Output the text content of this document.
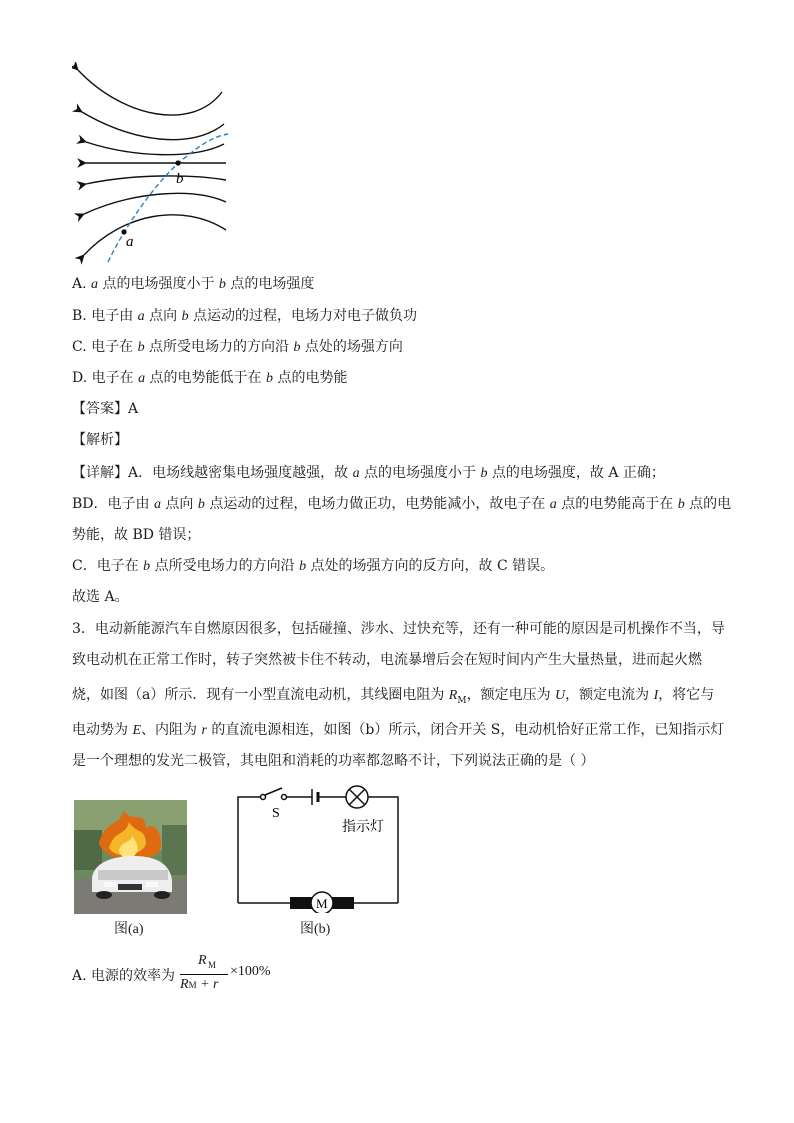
b
a
A. a 点的电场强度小于 b 点的电场强度
B. 电子由 a 点向 b 点运动的过程，电场力对电子做负功
C. 电子在 b 点所受电场力的方向沿 b 点处的场强方向
D. 电子在 a 点的电势能低于在 b 点的电势能
【答案】A
【解析】
【详解】A．电场线越密集电场强度越强，故 a 点的电场强度小于 b 点的电场强度，故 A 正确；
BD．电子由 a 点向 b 点运动的过程，电场力做正功，电势能减小，故电子在 a 点的电势能高于在 b 点的电
势能，故 BD 错误；
C．电子在 b 点所受电场力的方向沿 b 点处的场强方向的反方向，故 C 错误。
故选 A。
3．电动新能源汽车自燃原因很多，包括碰撞、涉水、过快充等，还有一种可能的原因是司机操作不当，导
致电动机在正常工作时，转子突然被卡住不转动，电流暴增后会在短时间内产生大量热量，进而起火燃
烧，如图（a）所示．现有一小型直流电动机，其线圈电阻为 $R_M$，额定电压为 U，额定电流为 I，将它与
电动势为 E、内阻为 r 的直流电源相连，如图（b）所示，闭合开关 S，电动机恰好正常工作，已知指示灯
是一个理想的发光二极管，其电阻和消耗的功率都忽略不计，下列说法正确的是（ ）
图(a)
M
S
指示灯
图(b)
A. 电源的效率为
R M
RM + r
×100%
